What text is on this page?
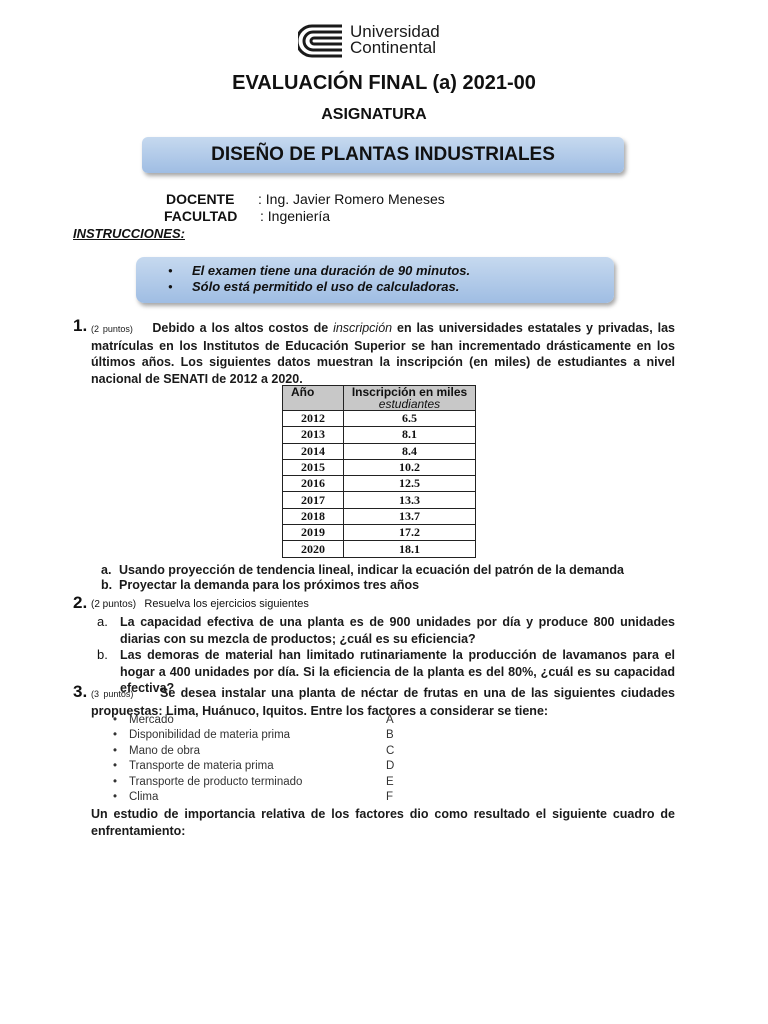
Universidad
Continental
EVALUACIÓN FINAL (a) 2021-00
ASIGNATURA
DISEÑO DE PLANTAS INDUSTRIALES
DOCENTE : Ing. Javier Romero Meneses
FACULTAD : Ingeniería
INSTRUCCIONES:
● El examen tiene una duración de 90 minutos.
● Sólo está permitido el uso de calculadoras.
1. (2 puntos) Debido a los altos costos de inscripción en las universidades estatales y privadas, las matrículas en los Institutos de Educación Superior se han incrementado drásticamente en los últimos años. Los siguientes datos muestran la inscripción (en miles) de estudiantes a nivel nacional de SENATI de 2012 a 2020.
Año	Inscripción en miles
estudiantes

2012	6.5
2013	8.1
2014	8.4
2015	10.2
2016	12.5
2017	13.3
2018	13.7
2019	17.2
2020	18.1
a. Usando proyección de tendencia lineal, indicar la ecuación del patrón de la demanda
b. Proyectar la demanda para los próximos tres años
2. (2 puntos) Resuelva los ejercicios siguientes
a. La capacidad efectiva de una planta es de 900 unidades por día y produce 800 unidades diarias con su mezcla de productos; ¿cuál es su eficiencia?
b. Las demoras de material han limitado rutinariamente la producción de lavamanos para el hogar a 400 unidades por día. Si la eficiencia de la planta es del 80%, ¿cuál es su capacidad efectiva?
3. (3 puntos) Se desea instalar una planta de néctar de frutas en una de las siguientes ciudades propuestas: Lima, Huánuco, Iquitos. Entre los factores a considerar se tiene:
• Mercado	A
• Disponibilidad de materia prima	B
• Mano de obra	C
• Transporte de materia prima	D
• Transporte de producto terminado	E
• Clima	F
Un estudio de importancia relativa de los factores dio como resultado el siguiente cuadro de enfrentamiento:
